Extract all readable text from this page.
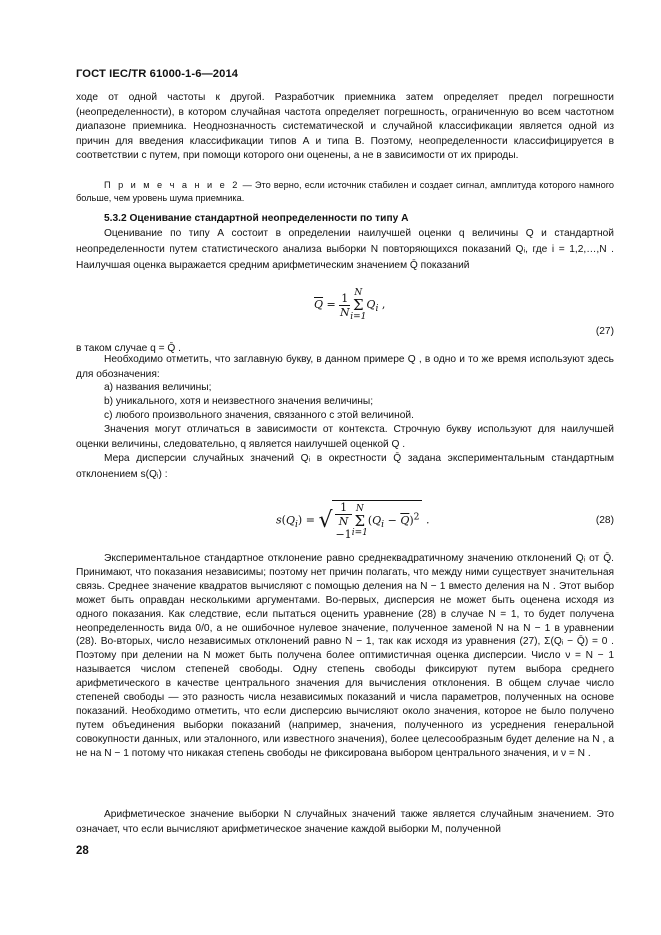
ГОСТ IEC/TR 61000-1-6—2014
ходе от одной частоты к другой. Разработчик приемника затем определяет предел погрешности (неопределенности), в котором случайная частота определяет погрешность, ограниченную во всем частотном диапазоне приемника. Неоднозначность систематической и случайной классификации является одной из причин для введения классификации типов А и типа В. Поэтому, неопределенности классифицируется в соответствии с путем, при помощи которого они оценены, а не в зависимости от их природы.
П р и м е ч а н и е 2 — Это верно, если источник стабилен и создает сигнал, амплитуда которого намного больше, чем уровень шума приемника.
5.3.2 Оценивание стандартной неопределенности по типу А
Оценивание по типу А состоит в определении наилучшей оценки q величины Q и стандартной неопределенности путем статистического анализа выборки N повторяющихся показаний Qᵢ, где i = 1,2,…,N . Наилучшая оценка выражается средним арифметическим значением Q̄ показаний
$\overline{Q} = \frac{1}{N}$ N
Σ
i=1
$Q_i$ ,
(27)
в таком случае q = Q̄ .
Необходимо отметить, что заглавную букву, в данном примере Q , в одно и то же время используют здесь для обозначения:
а) названия величины;
b) уникального, хотя и неизвестного значения величины;
с) любого произвольного значения, связанного с этой величиной.
Значения могут отличаться в зависимости от контекста. Строчную букву используют для наилучшей оценки величины, следовательно, q является наилучшей оценкой Q .
Мера дисперсии случайных значений Qᵢ в окрестности Q̄ задана экспериментальным стандартным отклонением s(Qᵢ) :
$s(Q_i)$ = √
1
N
−1
N
Σ
i=1
$(Q_i - \overline{Q})^2$ .	(28)
Экспериментальное стандартное отклонение равно среднеквадратичному значению отклонений Qᵢ от Q̄. Принимают, что показания независимы; поэтому нет причин полагать, что между ними существует значительная связь. Среднее значение квадратов вычисляют с помощью деления на N − 1 вместо деления на N . Этот выбор может быть оправдан несколькими аргументами. Во-первых, дисперсия не может быть оценена исходя из одного показания. Как следствие, если пытаться оценить уравнение (28) в случае N = 1, то будет получена неопределенность вида 0/0, а не ошибочное нулевое значение, полученное заменой N на N − 1 в уравнении (28). Во-вторых, число независимых отклонений равно N − 1, так как исходя из уравнения (27), Σ(Qᵢ − Q̄) = 0 . Поэтому при делении на N может быть получена более оптимистичная оценка дисперсии. Число ν = N − 1 называется числом степеней свободы. Одну степень свободы фиксируют путем выбора среднего арифметического в качестве центрального значения для вычисления отклонения. В общем случае число степеней свободы — это разность числа независимых показаний и числа параметров, полученных на основе показаний. Необходимо отметить, что если дисперсию вычисляют около значения, которое не было получено путем объединения выборки показаний (например, значения, полученного из усреднения генеральной совокупности данных, или эталонного, или известного значения), более целесообразным будет деление на N , а не на N − 1 потому что никакая степень свободы не фиксирована выбором центрального значения, и ν = N .
Арифметическое значение выборки N случайных значений также является случайным значением. Это означает, что если вычисляют арифметическое значение каждой выборки M, полученной
28
